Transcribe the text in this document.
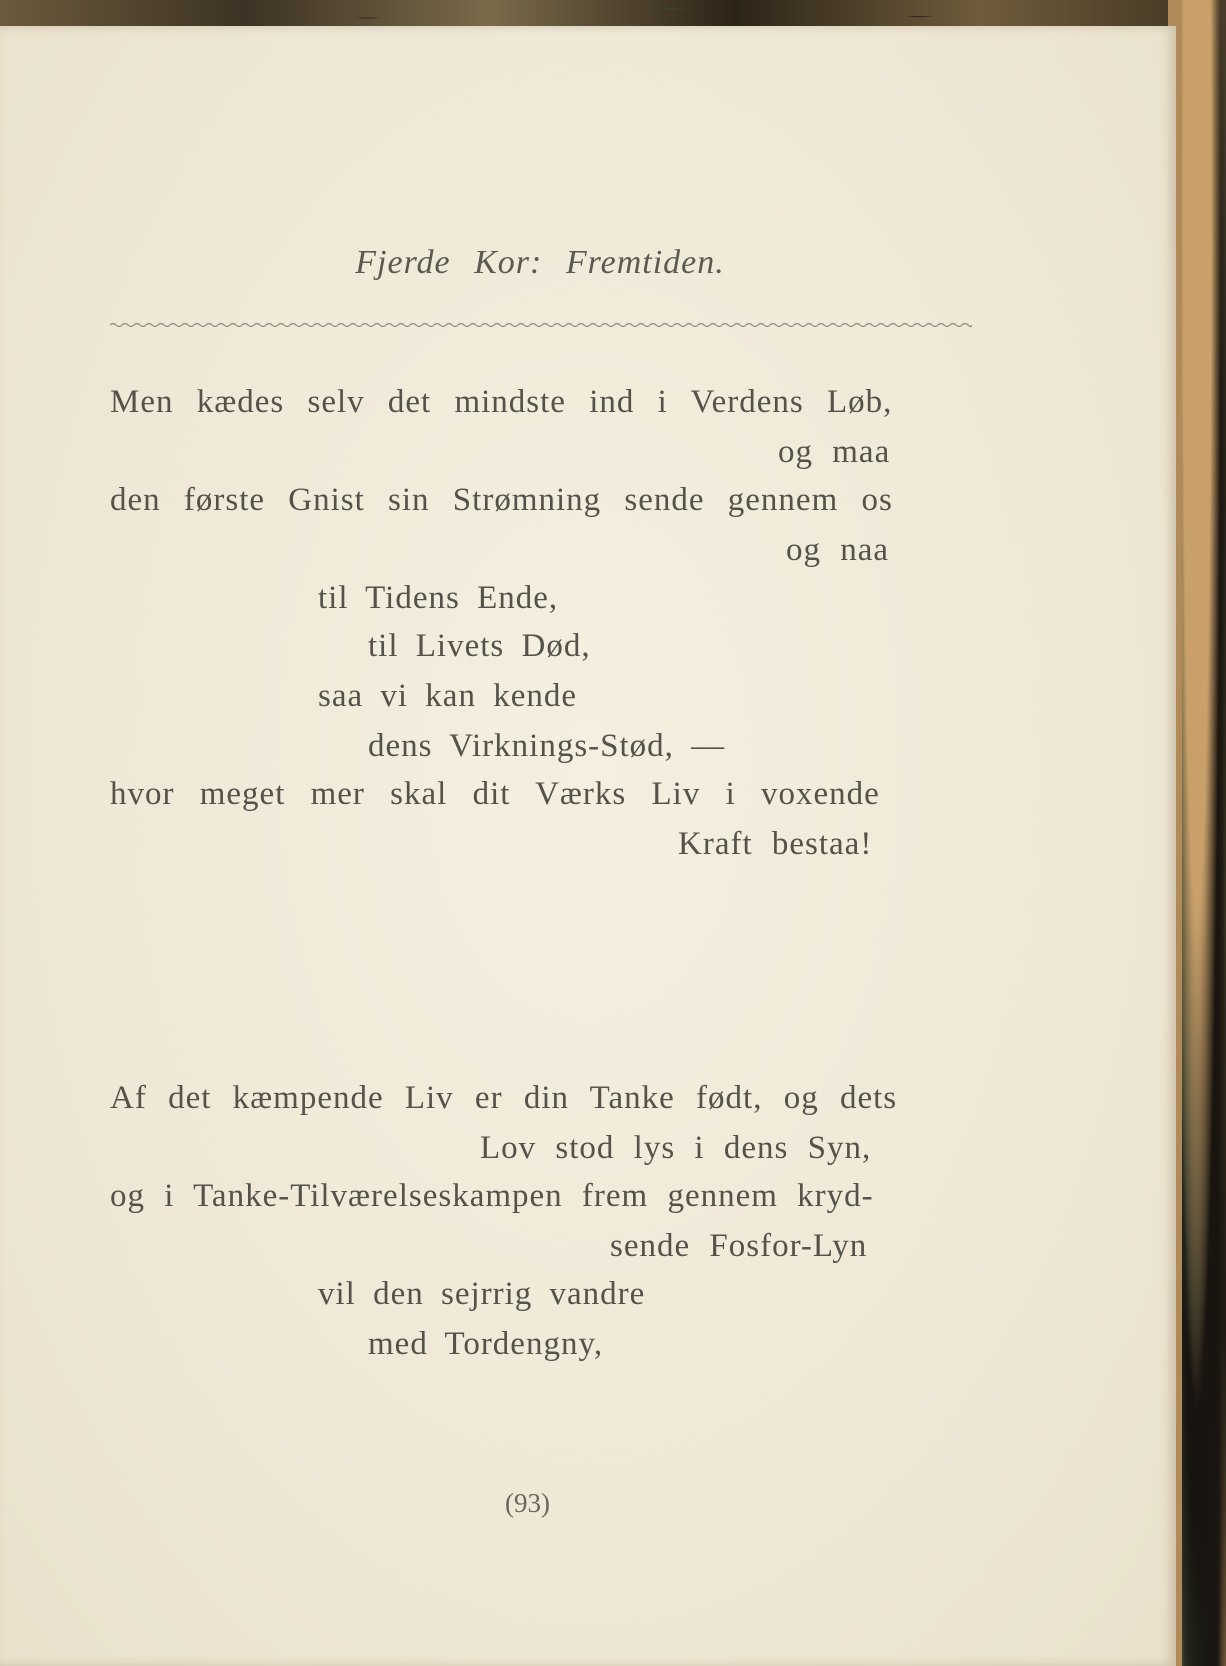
Fjerde Kor: Fremtiden.
Men kædes selv det mindste ind i Verdens Løb,
og maa
den første Gnist sin Strømning sende gennem os
og naa
til Tidens Ende,
til Livets Død,
saa vi kan kende
dens Virknings-Stød, —
hvor meget mer skal dit Værks Liv i voxende
Kraft bestaa!
Af det kæmpende Liv er din Tanke født, og dets
Lov stod lys i dens Syn,
og i Tanke-Tilværelseskampen frem gennem kryd-
sende Fosfor-Lyn
vil den sejrrig vandre
med Tordengny,
(93)
